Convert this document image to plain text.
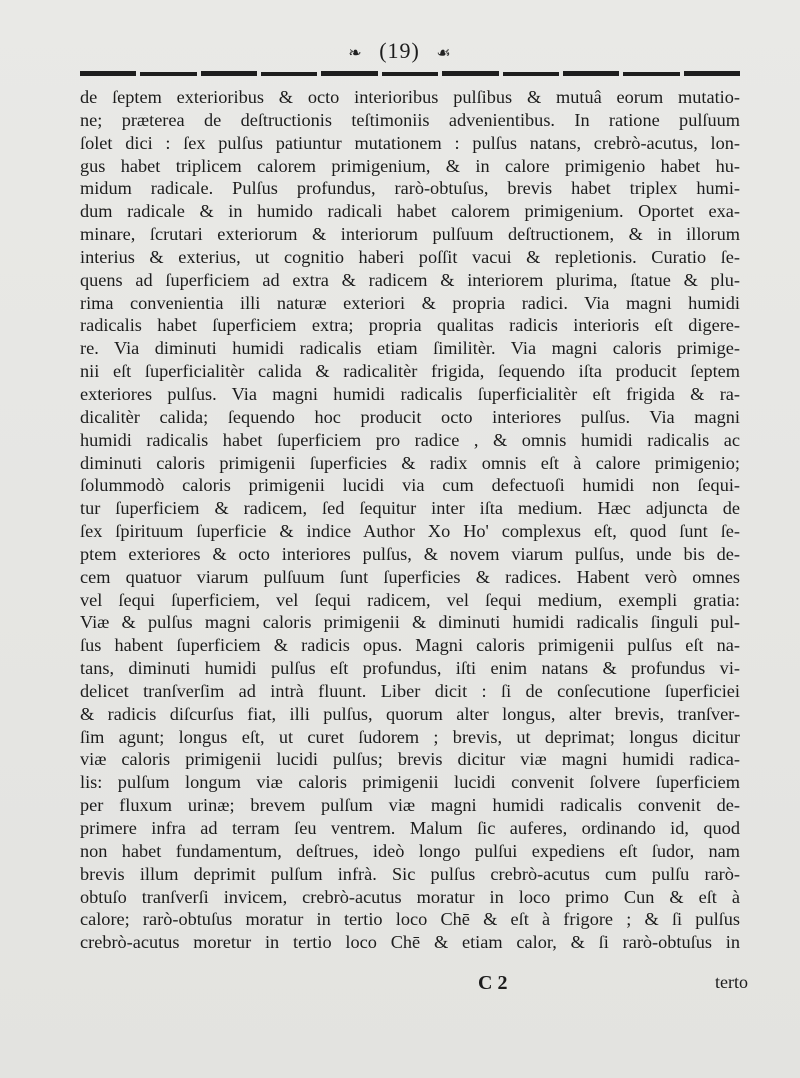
❧ (19) ☙
de ſeptem exterioribus & octo interioribus pulſibus & mutuâ eorum mutatio-
ne; præterea de deſtructionis teſtimoniis advenientibus. In ratione pulſuum
ſolet dici : ſex pulſus patiuntur mutationem : pulſus natans, crebrò-acutus, lon-
gus habet triplicem calorem primigenium, & in calore primigenio habet hu-
midum radicale. Pulſus profundus, rarò-obtuſus, brevis habet triplex humi-
dum radicale & in humido radicali habet calorem primigenium. Oportet exa-
minare, ſcrutari exteriorum & interiorum pulſuum deſtructionem, & in illorum
interius & exterius, ut cognitio haberi poſſit vacui & repletionis. Curatio ſe-
quens ad ſuperficiem ad extra & radicem & interiorem plurima, ſtatue & plu-
rima convenientia illi naturæ exteriori & propria radici. Via magni humidi
radicalis habet ſuperficiem extra; propria qualitas radicis interioris eſt digere-
re. Via diminuti humidi radicalis etiam ſimilitèr. Via magni caloris primige-
nii eſt ſuperficialitèr calida & radicalitèr frigida, ſequendo iſta producit ſeptem
exteriores pulſus. Via magni humidi radicalis ſuperficialitèr eſt frigida & ra-
dicalitèr calida; ſequendo hoc producit octo interiores pulſus. Via magni
humidi radicalis habet ſuperficiem pro radice , & omnis humidi radicalis ac
diminuti caloris primigenii ſuperficies & radix omnis eſt à calore primigenio;
ſolummodò caloris primigenii lucidi via cum defectuoſi humidi non ſequi-
tur ſuperficiem & radicem, ſed ſequitur inter iſta medium. Hæc adjuncta de
ſex ſpirituum ſuperficie & indice Author Xo Ho' complexus eſt, quod ſunt ſe-
ptem exteriores & octo interiores pulſus, & novem viarum pulſus, unde bis de-
cem quatuor viarum pulſuum ſunt ſuperficies & radices. Habent verò omnes
vel ſequi ſuperficiem, vel ſequi radicem, vel ſequi medium, exempli gratia:
Viæ & pulſus magni caloris primigenii & diminuti humidi radicalis ſinguli pul-
ſus habent ſuperficiem & radicis opus. Magni caloris primigenii pulſus eſt na-
tans, diminuti humidi pulſus eſt profundus, iſti enim natans & profundus vi-
delicet tranſverſim ad intrà fluunt. Liber dicit : ſi de conſecutione ſuperficiei
& radicis diſcurſus fiat, illi pulſus, quorum alter longus, alter brevis, tranſver-
ſim agunt; longus eſt, ut curet ſudorem ; brevis, ut deprimat; longus dicitur
viæ caloris primigenii lucidi pulſus; brevis dicitur viæ magni humidi radica-
lis: pulſum longum viæ caloris primigenii lucidi convenit ſolvere ſuperficiem
per fluxum urinæ; brevem pulſum viæ magni humidi radicalis convenit de-
primere infra ad terram ſeu ventrem. Malum ſic auferes, ordinando id, quod
non habet fundamentum, deſtrues, ideò longo pulſui expediens eſt ſudor, nam
brevis illum deprimit pulſum infrà. Sic pulſus crebrò-acutus cum pulſu rarò-
obtuſo tranſverſi invicem, crebrò-acutus moratur in loco primo Cun & eſt à
calore; rarò-obtuſus moratur in tertio loco Chē & eſt à frigore ; & ſi pulſus
crebrò-acutus moretur in tertio loco Chē & etiam calor, & ſi rarò-obtuſus in
C 2	terto
